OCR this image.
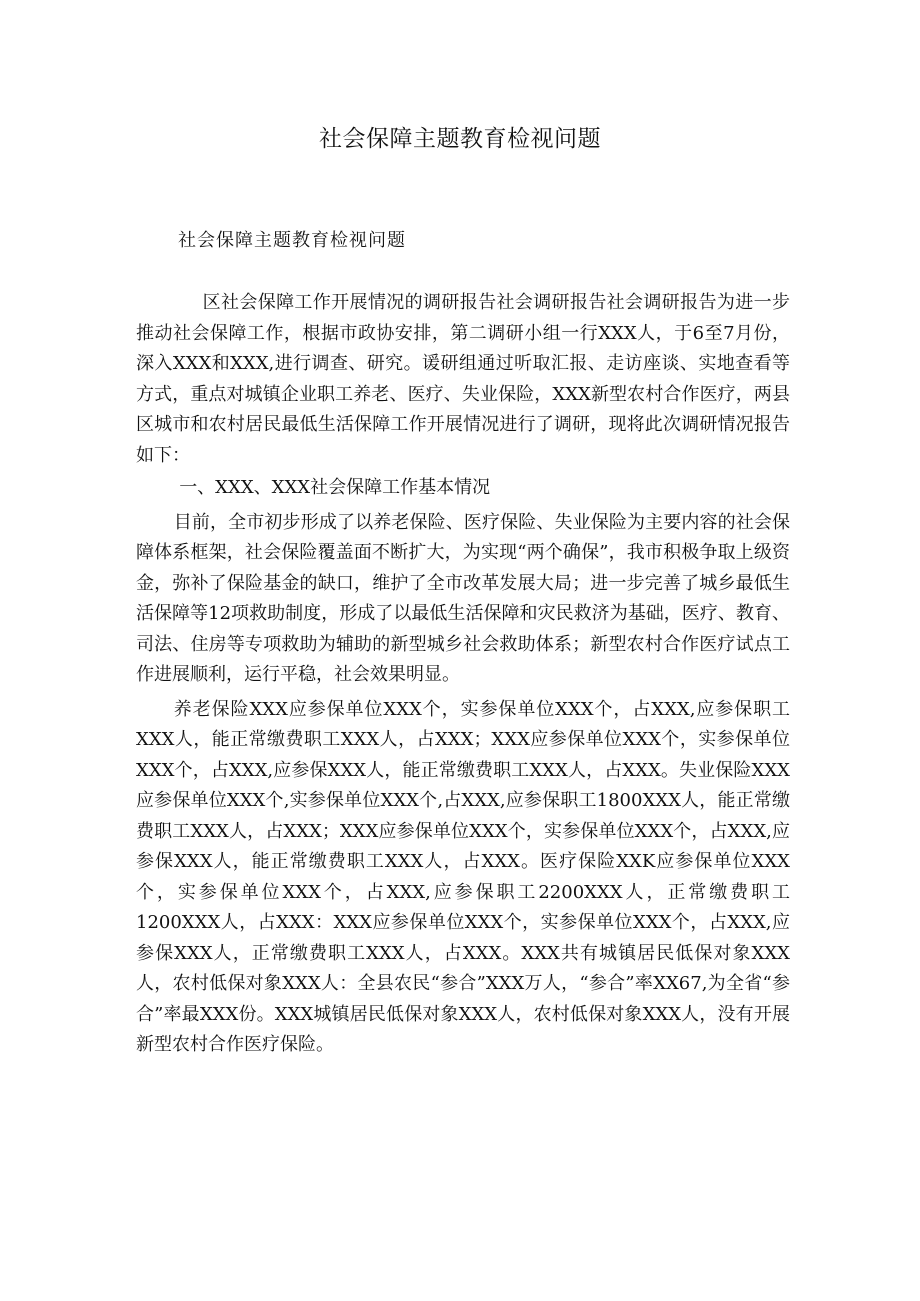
社会保障主题教育检视问题
社会保障主题教育检视问题

区社会保障工作开展情况的调研报告社会调研报告社会调研报告为进一步推动社会保障工作，根据市政协安排，第二调研小组一行XXX人，于6至7月份，深入XXX和XXX,进行调查、研究。谖研组通过听取汇报、走访座谈、实地查看等方式，重点对城镇企业职工养老、医疗、失业保险，XXX新型农村合作医疗，两县区城市和农村居民最低生活保障工作开展情况进行了调研，现将此次调研情况报告如下：

一、XXX、XXX社会保障工作基本情况

目前，全市初步形成了以养老保险、医疗保险、失业保险为主要内容的社会保障体系框架，社会保险覆盖面不断扩大，为实现“两个确保”，我市积极争取上级资金，弥补了保险基金的缺口，维护了全市改革发展大局；进一步完善了城乡最低生活保障等12项救助制度，形成了以最低生活保障和灾民救济为基础，医疗、教育、司法、住房等专项救助为辅助的新型城乡社会救助体系；新型农村合作医疗试点工作进展顺利，运行平稳，社会效果明显。

养老保险XXX应参保单位XXX个，实参保单位XXX个，占XXX,应参保职工XXX人，能正常缴费职工XXX人，占XXX；XXX应参保单位XXX个，实参保单位XXX个，占XXX,应参保XXX人，能正常缴费职工XXX人，占XXX。失业保险XXX应参保单位XXX个,实参保单位XXX个,占XXX,应参保职工1800XXX人，能正常缴费职工XXX人，占XXX；XXX应参保单位XXX个，实参保单位XXX个，占XXX,应参保XXX人，能正常缴费职工XXX人，占XXX。医疗保险XXK应参保单位XXX个，实参保单位XXX个，占XXX,应参保职工2200XXX人，正常缴费职工1200XXX人，占XXX：XXX应参保单位XXX个，实参保单位XXX个，占XXX,应参保XXX人，正常缴费职工XXX人，占XXX。XXX共有城镇居民低保对象XXX人，农村低保对象XXX人：全县农民“参合”XXX万人，“参合”率XX67,为全省“参合”率最XXX份。XXX城镇居民低保对象XXX人，农村低保对象XXX人，没有开展新型农村合作医疗保险。
